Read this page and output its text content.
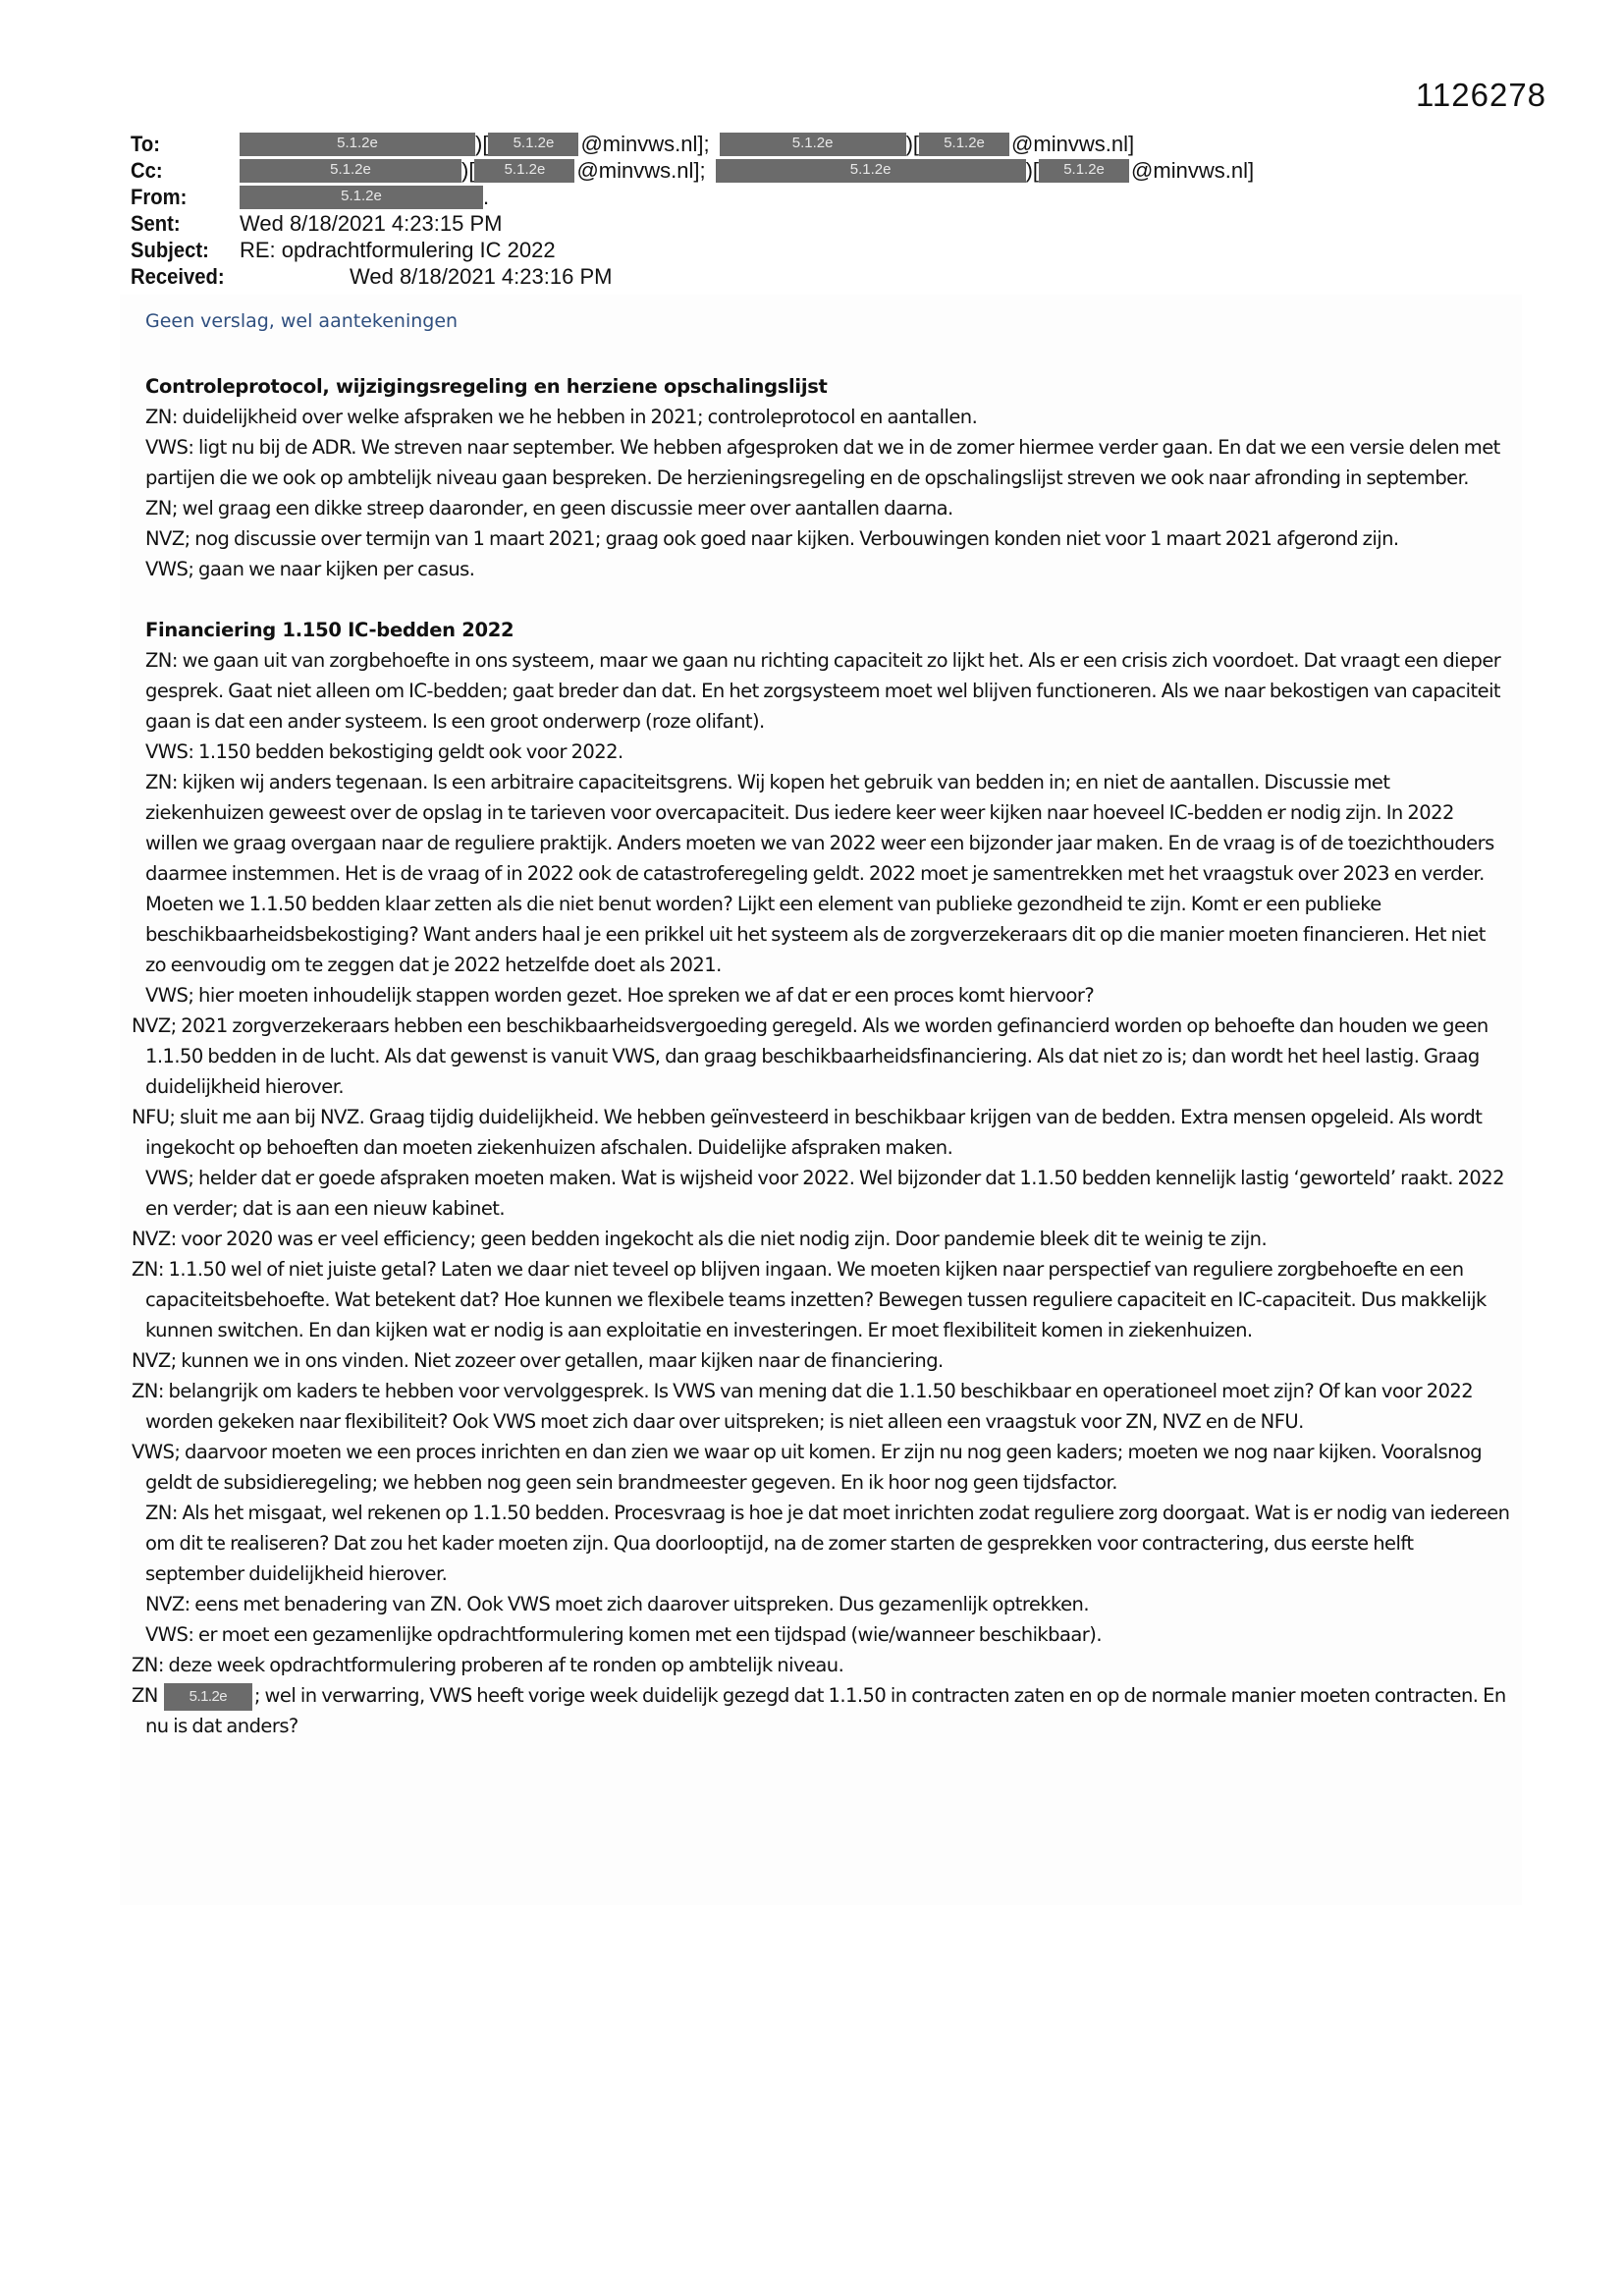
1126278
To:	5.1.2e	)[	5.1.2e	@minvws.nl];	5.1.2e	)[	5.1.2e	@minvws.nl]
Cc:	5.1.2e	)[	5.1.2e	@minvws.nl];	5.1.2e	)[	5.1.2e	@minvws.nl]
From:	5.1.2e	.
Sent:	Wed 8/18/2021 4:23:15 PM
Subject: RE: opdrachtformulering IC 2022
Received:	Wed 8/18/2021 4:23:16 PM

Geen verslag, wel aantekeningen

Controleprotocol, wijzigingsregeling en herziene opschalingslijst

ZN: duidelijkheid over welke afspraken we he hebben in 2021; controleprotocol en aantallen.

VWS: ligt nu bij de ADR. We streven naar september. We hebben afgesproken dat we in de zomer hiermee verder gaan. En dat we een versie delen met partijen die we ook op ambtelijk niveau gaan bespreken. De herzieningsregeling en de opschalingslijst streven we ook naar afronding in september.

ZN; wel graag een dikke streep daaronder, en geen discussie meer over aantallen daarna.

NVZ; nog discussie over termijn van 1 maart 2021; graag ook goed naar kijken. Verbouwingen konden niet voor 1 maart 2021 afgerond zijn.

VWS; gaan we naar kijken per casus.

Financiering 1.150 IC-bedden 2022

ZN: we gaan uit van zorgbehoefte in ons systeem, maar we gaan nu richting capaciteit zo lijkt het. Als er een crisis zich voordoet. Dat vraagt een dieper gesprek. Gaat niet alleen om IC-bedden; gaat breder dan dat. En het zorgsysteem moet wel blijven functioneren. Als we naar bekostigen van capaciteit gaan is dat een ander systeem. Is een groot onderwerp (roze olifant).

VWS: 1.150 bedden bekostiging geldt ook voor 2022.

ZN: kijken wij anders tegenaan. Is een arbitraire capaciteitsgrens. Wij kopen het gebruik van bedden in; en niet de aantallen. Discussie met ziekenhuizen geweest over de opslag in te tarieven voor overcapaciteit. Dus iedere keer weer kijken naar hoeveel IC-bedden er nodig zijn. In 2022 willen we graag overgaan naar de reguliere praktijk. Anders moeten we van 2022 weer een bijzonder jaar maken. En de vraag is of de toezichthouders daarmee instemmen. Het is de vraag of in 2022 ook de catastroferegeling geldt. 2022 moet je samentrekken met het vraagstuk over 2023 en verder. Moeten we 1.1.50 bedden klaar zetten als die niet benut worden? Lijkt een element van publieke gezondheid te zijn. Komt er een publieke beschikbaarheidsbekostiging? Want anders haal je een prikkel uit het systeem als de zorgverzekeraars dit op die manier moeten financieren. Het niet zo eenvoudig om te zeggen dat je 2022 hetzelfde doet als 2021.

VWS; hier moeten inhoudelijk stappen worden gezet. Hoe spreken we af dat er een proces komt hiervoor?

NVZ; 2021 zorgverzekeraars hebben een beschikbaarheidsvergoeding geregeld. Als we worden gefinancierd worden op behoefte dan houden we geen 1.1.50 bedden in de lucht. Als dat gewenst is vanuit VWS, dan graag beschikbaarheidsfinanciering. Als dat niet zo is; dan wordt het heel lastig. Graag duidelijkheid hierover.

NFU; sluit me aan bij NVZ. Graag tijdig duidelijkheid. We hebben geïnvesteerd in beschikbaar krijgen van de bedden. Extra mensen opgeleid. Als wordt ingekocht op behoeften dan moeten ziekenhuizen afschalen. Duidelijke afspraken maken.

VWS; helder dat er goede afspraken moeten maken. Wat is wijsheid voor 2022. Wel bijzonder dat 1.1.50 bedden kennelijk lastig ‘geworteld’ raakt. 2022 en verder; dat is aan een nieuw kabinet.

NVZ: voor 2020 was er veel efficiency; geen bedden ingekocht als die niet nodig zijn. Door pandemie bleek dit te weinig te zijn.

ZN: 1.1.50 wel of niet juiste getal? Laten we daar niet teveel op blijven ingaan. We moeten kijken naar perspectief van reguliere zorgbehoefte en een capaciteitsbehoefte. Wat betekent dat? Hoe kunnen we flexibele teams inzetten? Bewegen tussen reguliere capaciteit en IC-capaciteit. Dus makkelijk kunnen switchen. En dan kijken wat er nodig is aan exploitatie en investeringen. Er moet flexibiliteit komen in ziekenhuizen.

NVZ; kunnen we in ons vinden. Niet zozeer over getallen, maar kijken naar de financiering.

ZN: belangrijk om kaders te hebben voor vervolggesprek. Is VWS van mening dat die 1.1.50 beschikbaar en operationeel moet zijn? Of kan voor 2022 worden gekeken naar flexibiliteit? Ook VWS moet zich daar over uitspreken; is niet alleen een vraagstuk voor ZN, NVZ en de NFU.

VWS; daarvoor moeten we een proces inrichten en dan zien we waar op uit komen. Er zijn nu nog geen kaders; moeten we nog naar kijken. Vooralsnog geldt de subsidieregeling; we hebben nog geen sein brandmeester gegeven. En ik hoor nog geen tijdsfactor.

ZN: Als het misgaat, wel rekenen op 1.1.50 bedden. Procesvraag is hoe je dat moet inrichten zodat reguliere zorg doorgaat. Wat is er nodig van iedereen om dit te realiseren? Dat zou het kader moeten zijn. Qua doorlooptijd, na de zomer starten de gesprekken voor contractering, dus eerste helft september duidelijkheid hierover.

NVZ: eens met benadering van ZN. Ook VWS moet zich daarover uitspreken. Dus gezamenlijk optrekken.

VWS: er moet een gezamenlijke opdrachtformulering komen met een tijdspad (wie/wanneer beschikbaar).

ZN: deze week opdrachtformulering proberen af te ronden op ambtelijk niveau.

ZN 5.1.2e ; wel in verwarring, VWS heeft vorige week duidelijk gezegd dat 1.1.50 in contracten zaten en op de normale manier moeten contracten. En nu is dat anders?
